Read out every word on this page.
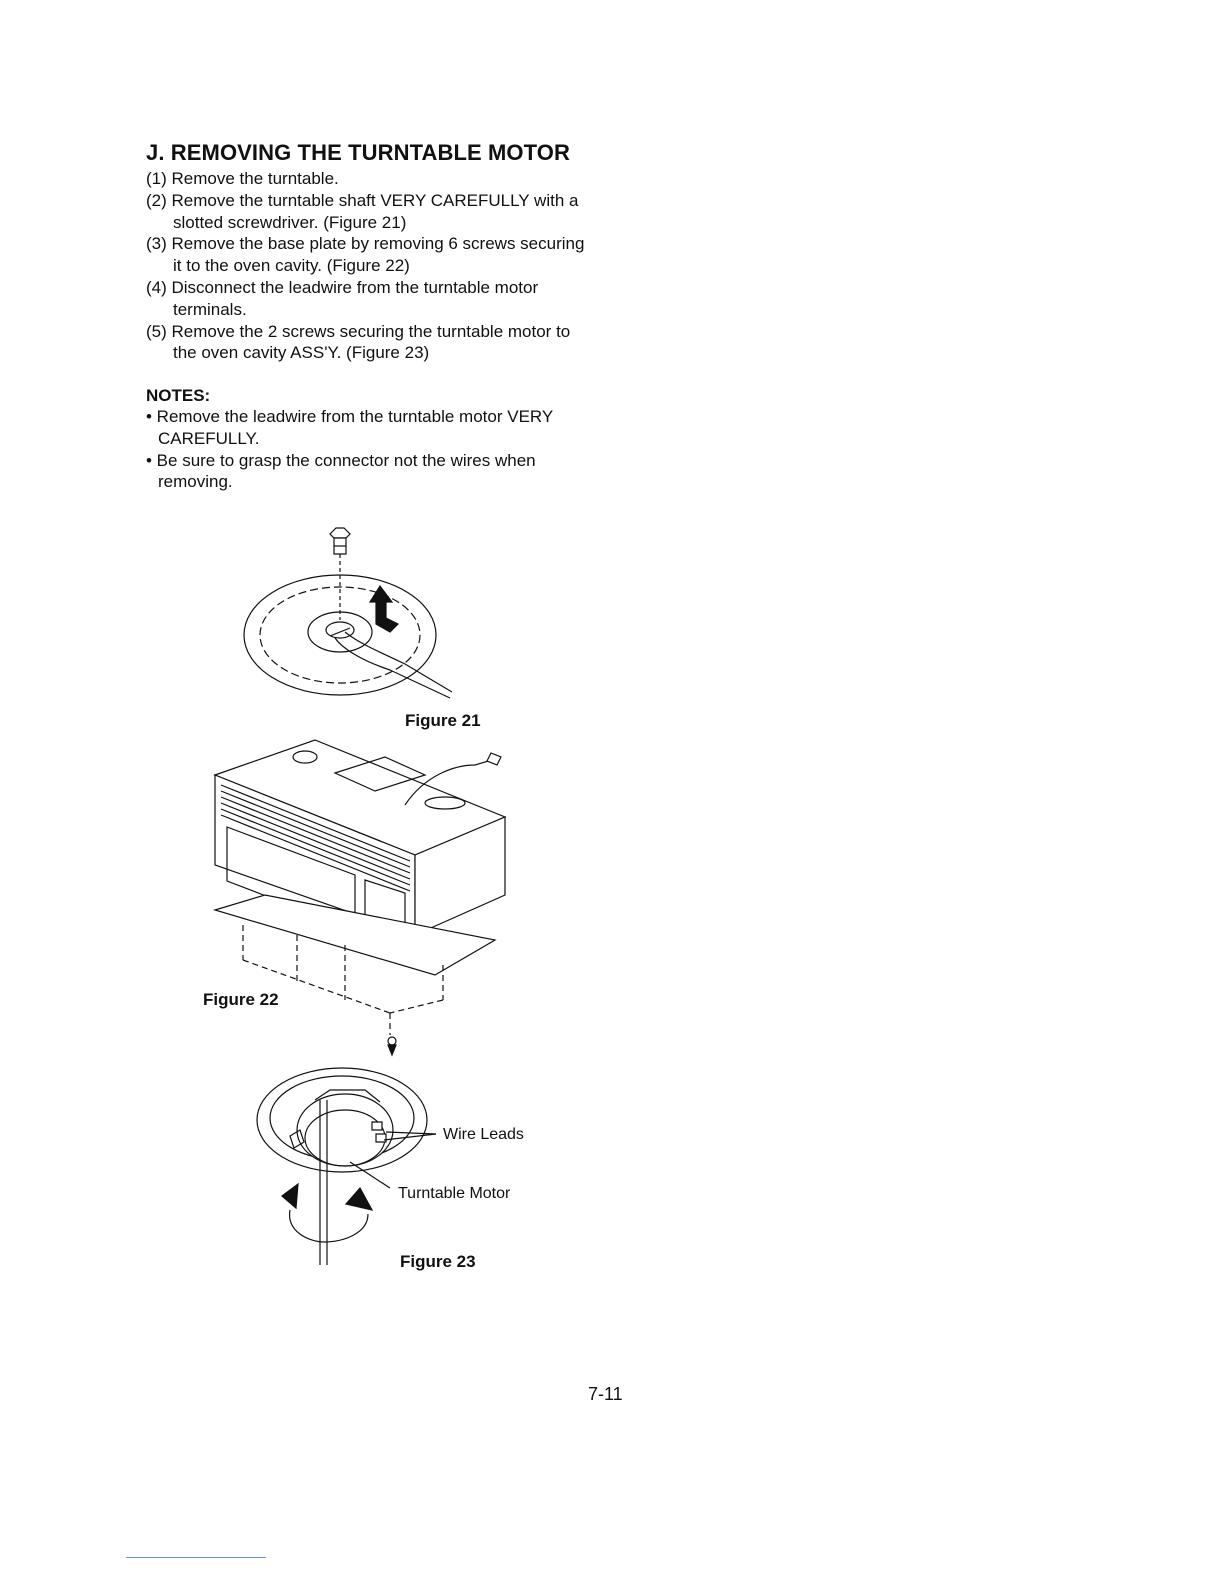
J. REMOVING THE TURNTABLE MOTOR
(1) Remove the turntable.
(2) Remove the turntable shaft VERY CAREFULLY with a slotted screwdriver. (Figure 21)
(3) Remove the base plate by removing 6 screws securing it to the oven cavity. (Figure 22)
(4) Disconnect the leadwire from the turntable motor terminals.
(5) Remove the 2 screws securing the turntable motor to the oven cavity ASS'Y. (Figure 23)
NOTES:
• Remove the leadwire from the turntable motor VERY CAREFULLY.
• Be sure to grasp the connector not the wires when removing.
Figure 21
Figure 22
Wire Leads
Turntable Motor
Figure 23
7-11
